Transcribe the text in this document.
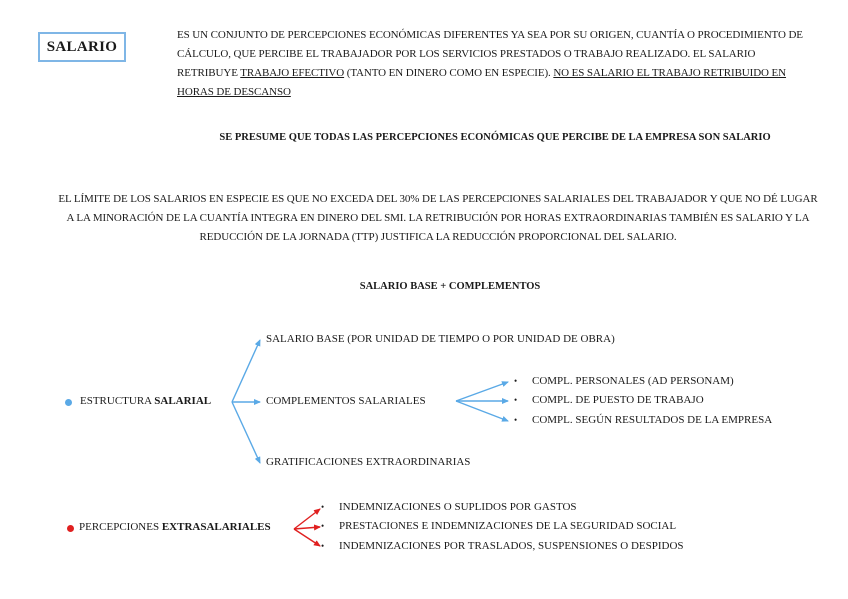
SALARIO
ES UN CONJUNTO DE PERCEPCIONES ECONÓMICAS DIFERENTES YA SEA POR SU ORIGEN, CUANTÍA O PROCEDIMIENTO DE CÁLCULO, QUE PERCIBE EL TRABAJADOR POR LOS SERVICIOS PRESTADOS O TRABAJO REALIZADO. EL SALARIO RETRIBUYE TRABAJO EFECTIVO (TANTO EN DINERO COMO EN ESPECIE). NO ES SALARIO EL TRABAJO RETRIBUIDO EN HORAS DE DESCANSO
SE PRESUME QUE TODAS LAS PERCEPCIONES ECONÓMICAS QUE PERCIBE DE LA EMPRESA SON SALARIO
EL LÍMITE DE LOS SALARIOS EN ESPECIE ES QUE NO EXCEDA DEL 30% DE LAS PERCEPCIONES SALARIALES DEL TRABAJADOR Y QUE NO DÉ LUGAR A LA MINORACIÓN DE LA CUANTÍA INTEGRA EN DINERO DEL SMI. LA RETRIBUCIÓN POR HORAS EXTRAORDINARIAS TAMBIÉN ES SALARIO Y LA REDUCCIÓN DE LA JORNADA (TTP) JUSTIFICA LA REDUCCIÓN PROPORCIONAL DEL SALARIO.
SALARIO BASE + COMPLEMENTOS
ESTRUCTURA SALARIAL
SALARIO BASE (POR UNIDAD DE TIEMPO O POR UNIDAD DE OBRA)
COMPLEMENTOS SALARIALES
GRATIFICACIONES EXTRAORDINARIAS
• COMPL. PERSONALES (AD PERSONAM)
• COMPL. DE PUESTO DE TRABAJO
• COMPL. SEGÚN RESULTADOS DE LA EMPRESA
PERCEPCIONES EXTRASALARIALES
• INDEMNIZACIONES O SUPLIDOS POR GASTOS
• PRESTACIONES E INDEMNIZACIONES DE LA SEGURIDAD SOCIAL
• INDEMNIZACIONES POR TRASLADOS, SUSPENSIONES O DESPIDOS
